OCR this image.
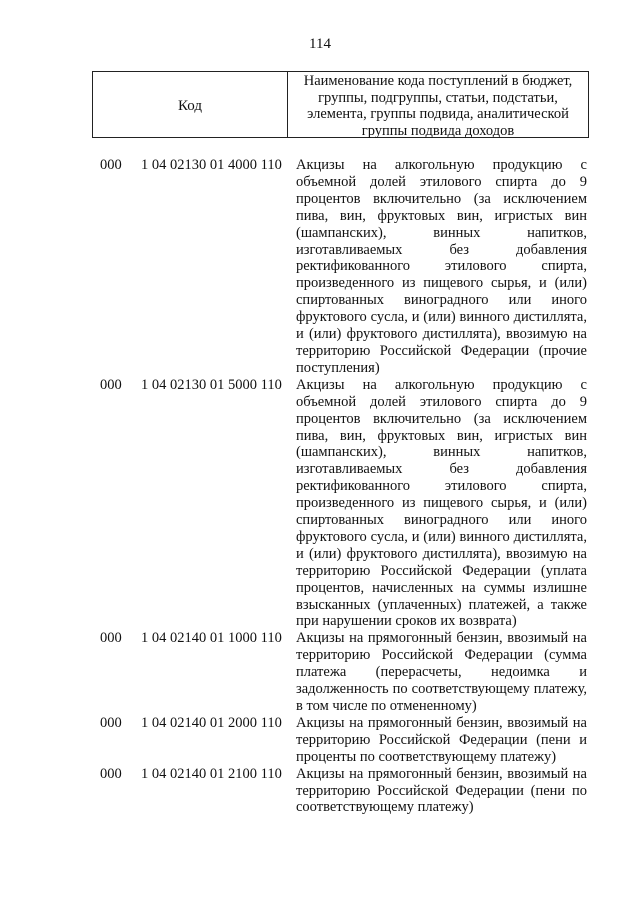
114
Код
Наименование кода поступлений в бюджет, группы, подгруппы, статьи, подстатьи, элемента, группы подвида, аналитической группы подвида доходов
000 1 04 02130 01 4000 110 Акцизы на алкогольную продукцию с объемной долей этилового спирта до 9 процентов включительно (за исключением пива, вин, фруктовых вин, игристых вин (шампанских), винных напитков, изготавливаемых без добавления ректификованного этилового спирта, произведенного из пищевого сырья, и (или) спиртованных виноградного или иного фруктового сусла, и (или) винного дистиллята, и (или) фруктового дистиллята), ввозимую на территорию Российской Федерации (прочие поступления)
000 1 04 02130 01 5000 110 Акцизы на алкогольную продукцию с объемной долей этилового спирта до 9 процентов включительно (за исключением пива, вин, фруктовых вин, игристых вин (шампанских), винных напитков, изготавливаемых без добавления ректификованного этилового спирта, произведенного из пищевого сырья, и (или) спиртованных виноградного или иного фруктового сусла, и (или) винного дистиллята, и (или) фруктового дистиллята), ввозимую на территорию Российской Федерации (уплата процентов, начисленных на суммы излишне взысканных (уплаченных) платежей, а также при нарушении сроков их возврата)
000 1 04 02140 01 1000 110 Акцизы на прямогонный бензин, ввозимый на территорию Российской Федерации (сумма платежа (перерасчеты, недоимка и задолженность по соответствующему платежу, в том числе по отмененному)
000 1 04 02140 01 2000 110 Акцизы на прямогонный бензин, ввозимый на территорию Российской Федерации (пени и проценты по соответствующему платежу)
000 1 04 02140 01 2100 110 Акцизы на прямогонный бензин, ввозимый на территорию Российской Федерации (пени по соответствующему платежу)
